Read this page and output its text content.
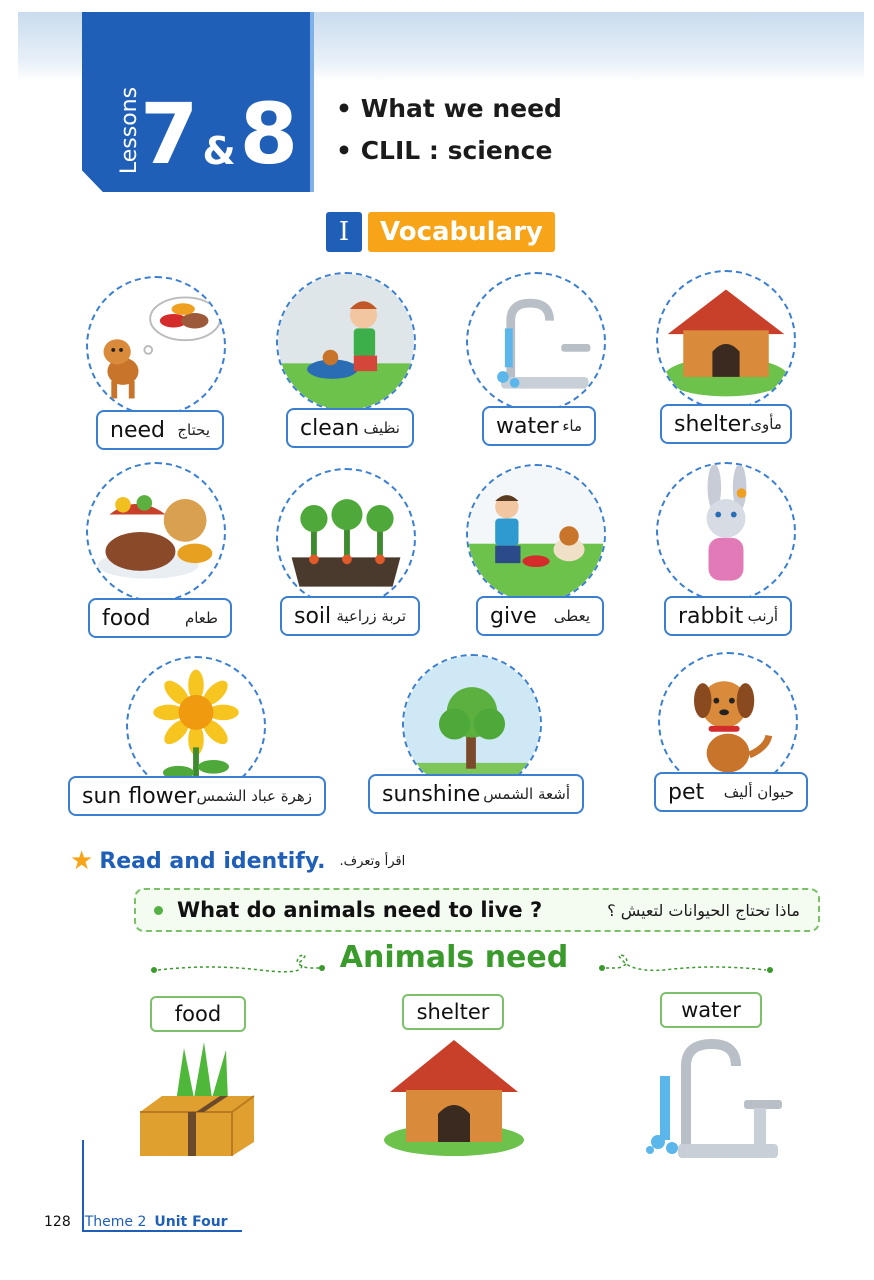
Lessons
7 & 8
•	What we need
• CLIL : science
I	Vocabulary
need يحتاج	clean نظيف	water ماء	shelter مأوى
food طعام	soil تربة زراعية	give يعطى	rabbit أرنب
sun flower زهرة عباد الشمس	sunshine أشعة الشمس	pet حيوان أليف
★ Read and identify. اقرأ وتعرف.
What do animals need to live ?	ماذا تحتاج الحيوانات لتعيش ؟
Animals need
food	shelter	water
128 Theme 2 Unit Four
